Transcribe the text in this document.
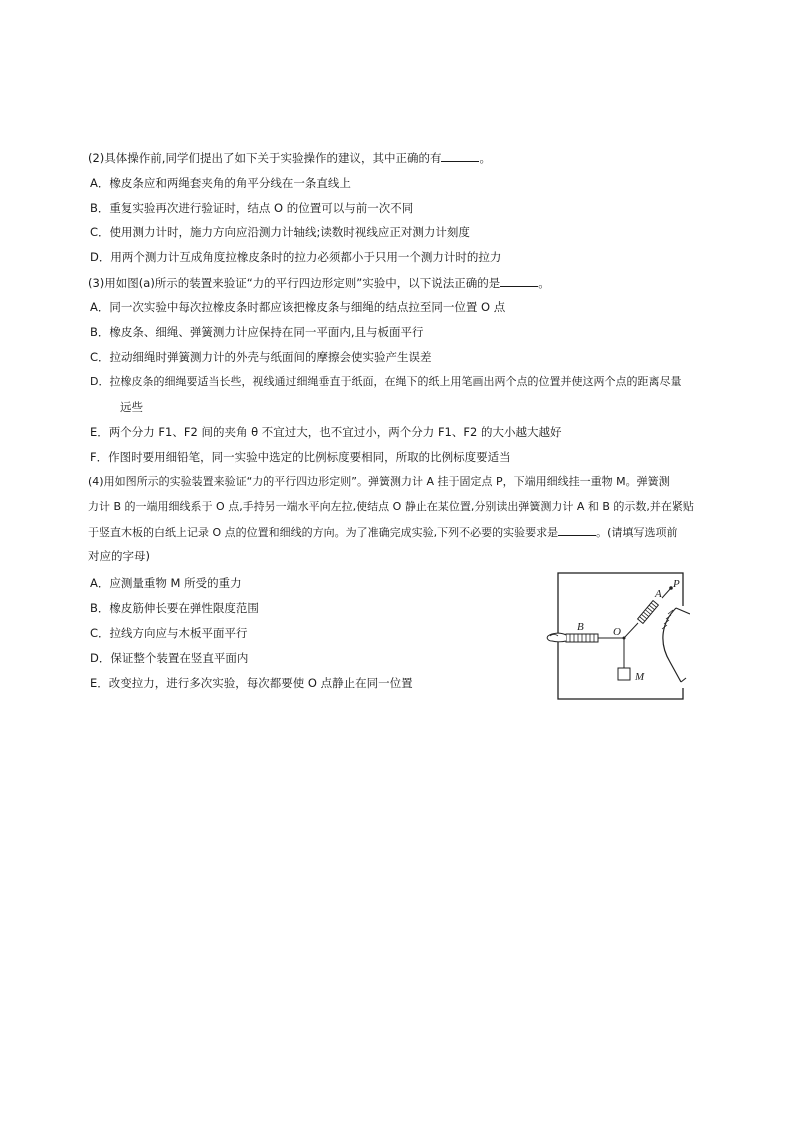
(2)具体操作前,同学们提出了如下关于实验操作的建议，其中正确的有	。
A．橡皮条应和两绳套夹角的角平分线在一条直线上
B．重复实验再次进行验证时，结点 O 的位置可以与前一次不同
C．使用测力计时，施力方向应沿测力计轴线;读数时视线应正对测力计刻度
D．用两个测力计互成角度拉橡皮条时的拉力必须都小于只用一个测力计时的拉力
(3)用如图(a)所示的装置来验证“力的平行四边形定则”实验中，以下说法正确的是	。
A．同一次实验中每次拉橡皮条时都应该把橡皮条与细绳的结点拉至同一位置 O 点
B．橡皮条、细绳、弹簧测力计应保持在同一平面内,且与板面平行
C．拉动细绳时弹簧测力计的外壳与纸面间的摩擦会使实验产生误差
D．拉橡皮条的细绳要适当长些，视线通过细绳垂直于纸面，在绳下的纸上用笔画出两个点的位置并使这两个点的距离尽量
远些
E．两个分力 F1、F2 间的夹角 θ 不宜过大，也不宜过小，两个分力 F1、F2 的大小越大越好
F．作图时要用细铅笔，同一实验中选定的比例标度要相同，所取的比例标度要适当
(4)用如图所示的实验装置来验证“力的平行四边形定则”。弹簧测力计 A 挂于固定点 P，下端用细线挂一重物 M。弹簧测
力计 B 的一端用细线系于 O 点,手持另一端水平向左拉,使结点 O 静止在某位置,分别读出弹簧测力计 A 和 B 的示数,并在紧贴
于竖直木板的白纸上记录 O 点的位置和细线的方向。为了准确完成实验,下列不必要的实验要求是	。(请填写选项前
对应的字母)
A．应测量重物 M 所受的重力
B．橡皮筋伸长要在弹性限度范围
C．拉线方向应与木板平面平行
D．保证整个装置在竖直平面内
E．改变拉力，进行多次实验，每次都要使 O 点静止在同一位置
A
P
B	O
M
